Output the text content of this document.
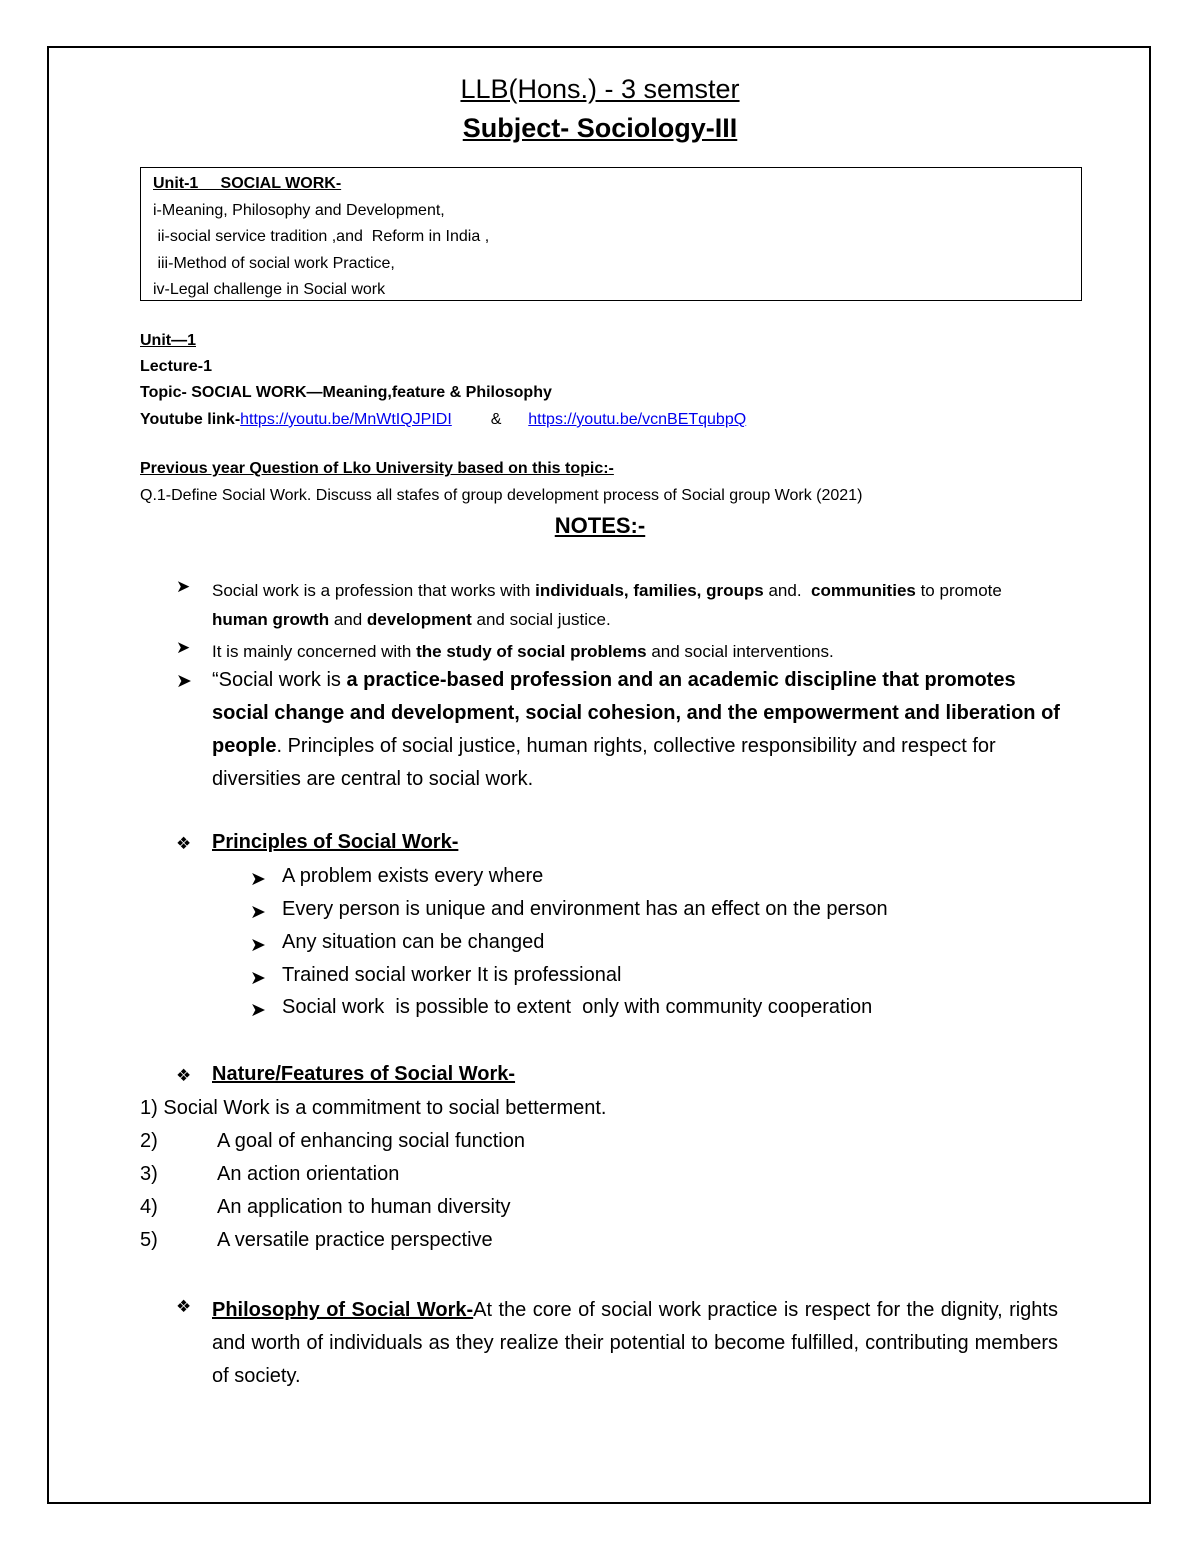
LLB(Hons.) - 3 semster
Subject- Sociology-III
Unit-1     SOCIAL WORK-
i-Meaning, Philosophy and Development,
ii-social service tradition ,and  Reform in India ,
iii-Method of social work Practice,
iv-Legal challenge in Social work
Unit—1
Lecture-1
Topic- SOCIAL WORK—Meaning,feature & Philosophy
Youtube link-https://youtu.be/MnWtIQJPIDI & https://youtu.be/vcnBETqubpQ
Previous year Question of Lko University based on this topic:-
Q.1-Define Social Work. Discuss all stafes of group development process of Social group Work (2021)
NOTES:-
➤ Social work is a profession that works with individuals, families, groups and.  communities to promote human growth and development and social justice.
➤ It is mainly concerned with the study of social problems and social interventions.
➤ “Social work is a practice-based profession and an academic discipline that promotes social change and development, social cohesion, and the empowerment and liberation of people. Principles of social justice, human rights, collective responsibility and respect for diversities are central to social work.
❖ Principles of Social Work-
➤ A problem exists every where
➤ Every person is unique and environment has an effect on the person
➤ Any situation can be changed
➤ Trained social worker It is professional
➤ Social work  is possible to extent  only with community cooperation
❖ Nature/Features of Social Work-
1) Social Work is a commitment to social betterment.
2)	A goal of enhancing social function
3)	An action orientation
4)	An application to human diversity
5)	A versatile practice perspective
❖ Philosophy of Social Work-At the core of social work practice is respect for the dignity, rights and worth of individuals as they realize their potential to become fulfilled, contributing members of society.
